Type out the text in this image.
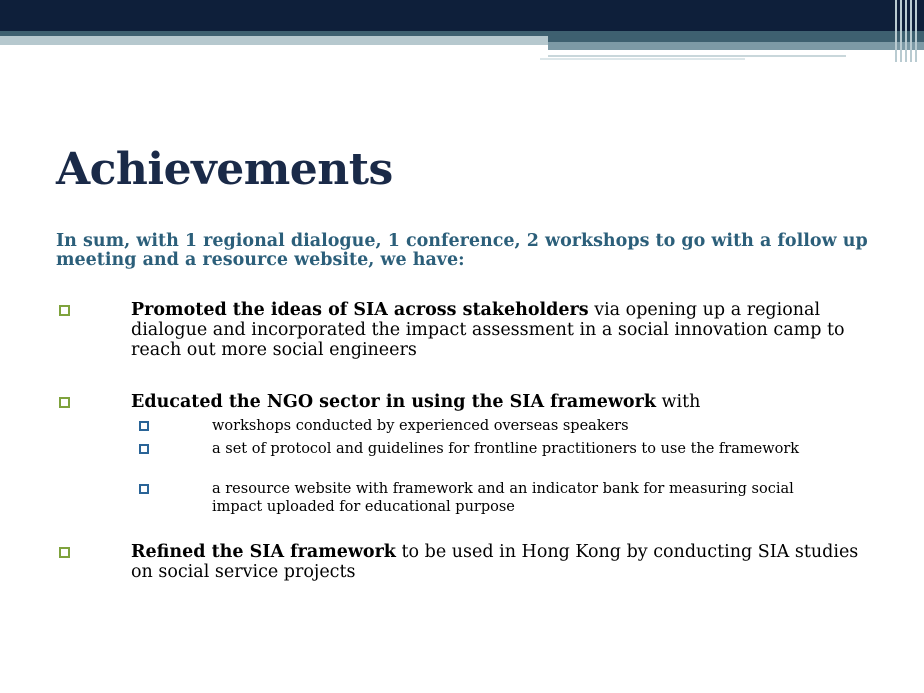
Achievements
In sum, with 1 regional dialogue, 1 conference, 2 workshops to go with a follow up meeting and a resource website, we have:
Promoted the ideas of SIA across stakeholders via opening up a regional dialogue and incorporated the impact assessment in a social innovation camp to reach out more social engineers
Educated the NGO sector in using the SIA framework with
workshops conducted by experienced overseas speakers
a set of protocol and guidelines for frontline practitioners to use the framework
a resource website with framework and an indicator bank for measuring social impact uploaded for educational purpose
Refined the SIA framework to be used in Hong Kong by conducting SIA studies on social service projects
